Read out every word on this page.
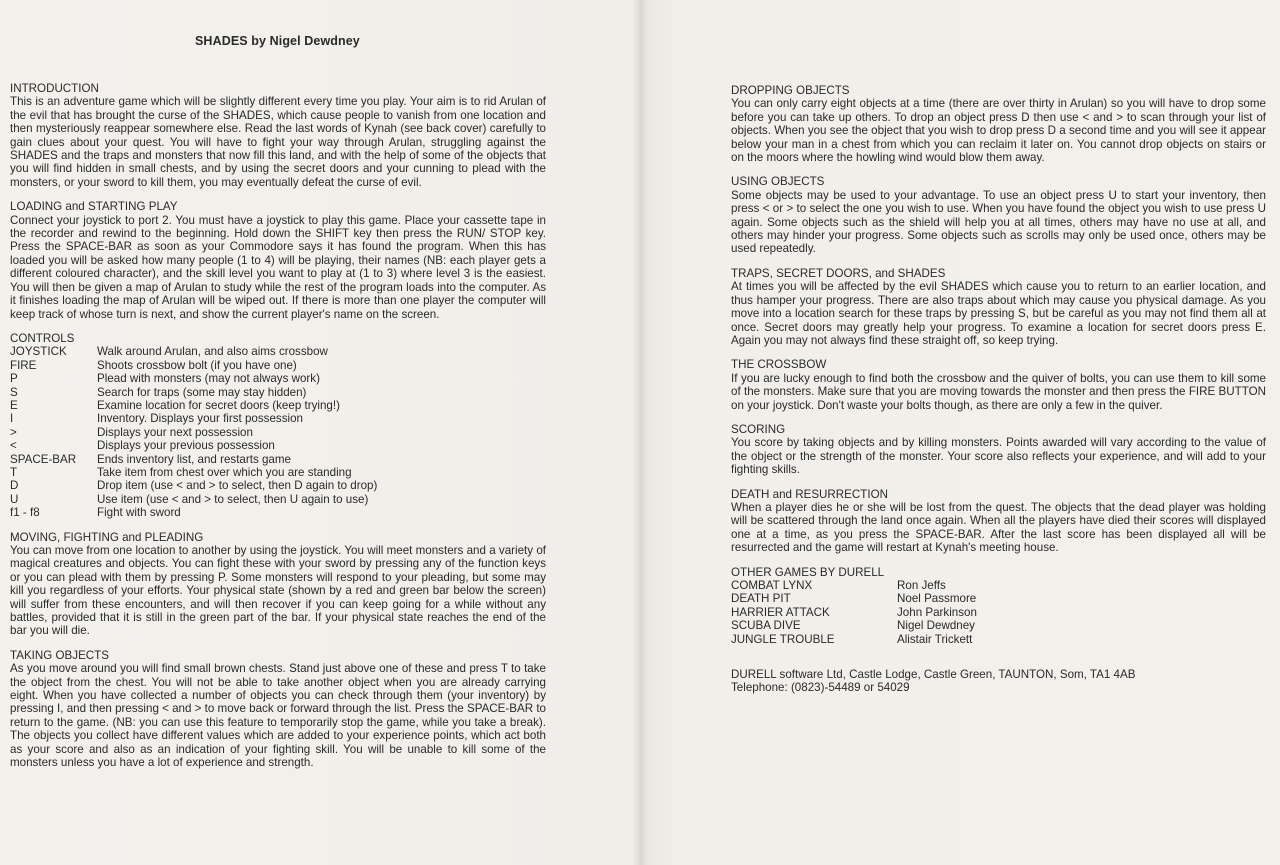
SHADES by Nigel Dewdney
INTRODUCTION
This is an adventure game which will be slightly different every time you play. Your aim is to rid Arulan of the evil that has brought the curse of the SHADES, which cause people to vanish from one location and then mysteriously reappear somewhere else. Read the last words of Kynah (see back cover) carefully to gain clues about your quest. You will have to fight your way through Arulan, struggling against the SHADES and the traps and monsters that now fill this land, and with the help of some of the objects that you will find hidden in small chests, and by using the secret doors and your cunning to plead with the monsters, or your sword to kill them, you may eventually defeat the curse of evil.
LOADING and STARTING PLAY
Connect your joystick to port 2. You must have a joystick to play this game. Place your cassette tape in the recorder and rewind to the beginning. Hold down the SHIFT key then press the RUN/ STOP key. Press the SPACE-BAR as soon as your Commodore says it has found the program. When this has loaded you will be asked how many people (1 to 4) will be playing, their names (NB: each player gets a different coloured character), and the skill level you want to play at (1 to 3) where level 3 is the easiest. You will then be given a map of Arulan to study while the rest of the program loads into the computer. As it finishes loading the map of Arulan will be wiped out. If there is more than one player the computer will keep track of whose turn is next, and show the current player's name on the screen.
CONTROLS
JOYSTICK	Walk around Arulan, and also aims crossbow
FIRE	Shoots crossbow bolt (if you have one)
P	Plead with monsters (may not always work)
S	Search for traps (some may stay hidden)
E	Examine location for secret doors (keep trying!)
I	Inventory. Displays your first possession
>	Displays your next possession
<	Displays your previous possession
SPACE-BAR	Ends inventory list, and restarts game
T	Take item from chest over which you are standing
D	Drop item (use < and > to select, then D again to drop)
U	Use item (use < and > to select, then U again to use)
f1 - f8	Fight with sword
MOVING, FIGHTING and PLEADING
You can move from one location to another by using the joystick. You will meet monsters and a variety of magical creatures and objects. You can fight these with your sword by pressing any of the function keys or you can plead with them by pressing P. Some monsters will respond to your pleading, but some may kill you regardless of your efforts. Your physical state (shown by a red and green bar below the screen) will suffer from these encounters, and will then recover if you can keep going for a while without any battles, provided that it is still in the green part of the bar. If your physical state reaches the end of the bar you will die.
TAKING OBJECTS
As you move around you will find small brown chests. Stand just above one of these and press T to take the object from the chest. You will not be able to take another object when you are already carrying eight. When you have collected a number of objects you can check through them (your inventory) by pressing I, and then pressing < and > to move back or forward through the list. Press the SPACE-BAR to return to the game. (NB: you can use this feature to temporarily stop the game, while you take a break). The objects you collect have different values which are added to your experience points, which act both as your score and also as an indication of your fighting skill. You will be unable to kill some of the monsters unless you have a lot of experience and strength.
DROPPING OBJECTS
You can only carry eight objects at a time (there are over thirty in Arulan) so you will have to drop some before you can take up others. To drop an object press D then use < and > to scan through your list of objects. When you see the object that you wish to drop press D a second time and you will see it appear below your man in a chest from which you can reclaim it later on. You cannot drop objects on stairs or on the moors where the howling wind would blow them away.
USING OBJECTS
Some objects may be used to your advantage. To use an object press U to start your inventory, then press < or > to select the one you wish to use. When you have found the object you wish to use press U again. Some objects such as the shield will help you at all times, others may have no use at all, and others may hinder your progress. Some objects such as scrolls may only be used once, others may be used repeatedly.
TRAPS, SECRET DOORS, and SHADES
At times you will be affected by the evil SHADES which cause you to return to an earlier location, and thus hamper your progress. There are also traps about which may cause you physical damage. As you move into a location search for these traps by pressing S, but be careful as you may not find them all at once. Secret doors may greatly help your progress. To examine a location for secret doors press E. Again you may not always find these straight off, so keep trying.
THE CROSSBOW
If you are lucky enough to find both the crossbow and the quiver of bolts, you can use them to kill some of the monsters. Make sure that you are moving towards the monster and then press the FIRE BUTTON on your joystick. Don't waste your bolts though, as there are only a few in the quiver.
SCORING
You score by taking objects and by killing monsters. Points awarded will vary according to the value of the object or the strength of the monster. Your score also reflects your experience, and will add to your fighting skills.
DEATH and RESURRECTION
When a player dies he or she will be lost from the quest. The objects that the dead player was holding will be scattered through the land once again. When all the players have died their scores will displayed one at a time, as you press the SPACE-BAR. After the last score has been displayed all will be resurrected and the game will restart at Kynah's meeting house.
OTHER GAMES BY DURELL
COMBAT LYNX	Ron Jeffs
DEATH PIT	Noel Passmore
HARRIER ATTACK	John Parkinson
SCUBA DIVE	Nigel Dewdney
JUNGLE TROUBLE	Alistair Trickett
DURELL software Ltd, Castle Lodge, Castle Green, TAUNTON, Som, TA1 4AB
Telephone: (0823)-54489 or 54029
